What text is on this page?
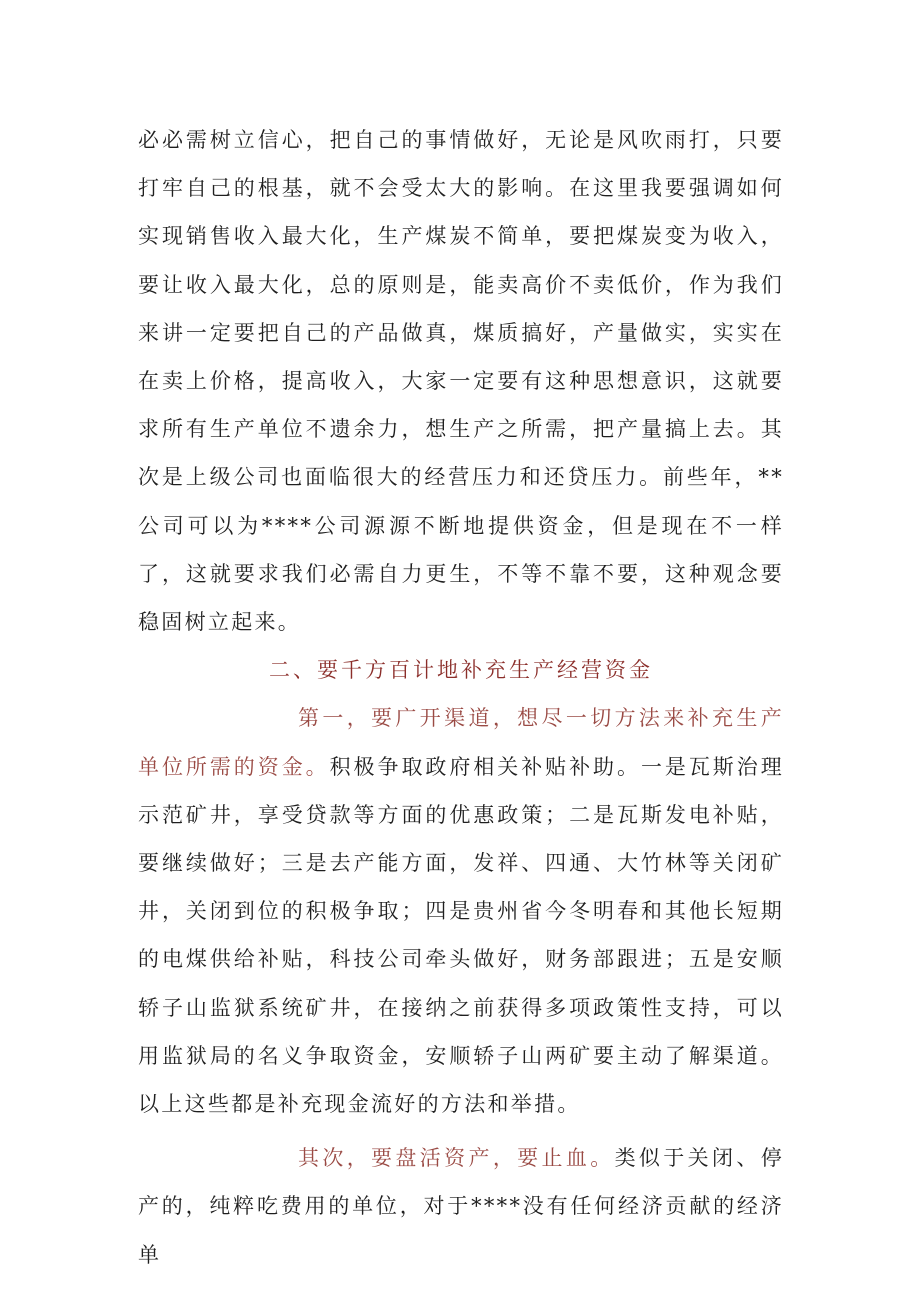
必必需树立信心，把自己的事情做好，无论是风吹雨打，只要打牢自己的根基，就不会受太大的影响。在这里我要强调如何实现销售收入最大化，生产煤炭不简单，要把煤炭变为收入，要让收入最大化，总的原则是，能卖高价不卖低价，作为我们来讲一定要把自己的产品做真，煤质搞好，产量做实，实实在在卖上价格，提高收入，大家一定要有这种思想意识，这就要求所有生产单位不遗余力，想生产之所需，把产量搞上去。其次是上级公司也面临很大的经营压力和还贷压力。前些年，**公司可以为****公司源源不断地提供资金，但是现在不一样了，这就要求我们必需自力更生，不等不靠不要，这种观念要稳固树立起来。

二、要千方百计地补充生产经营资金

第一，要广开渠道，想尽一切方法来补充生产单位所需的资金。积极争取政府相关补贴补助。一是瓦斯治理示范矿井，享受贷款等方面的优惠政策；二是瓦斯发电补贴，要继续做好；三是去产能方面，发祥、四通、大竹林等关闭矿井，关闭到位的积极争取；四是贵州省今冬明春和其他长短期的电煤供给补贴，科技公司牵头做好，财务部跟进；五是安顺轿子山监狱系统矿井，在接纳之前获得多项政策性支持，可以用监狱局的名义争取资金，安顺轿子山两矿要主动了解渠道。以上这些都是补充现金流好的方法和举措。

其次，要盘活资产，要止血。类似于关闭、停产的，纯粹吃费用的单位，对于****没有任何经济贡献的经济单
